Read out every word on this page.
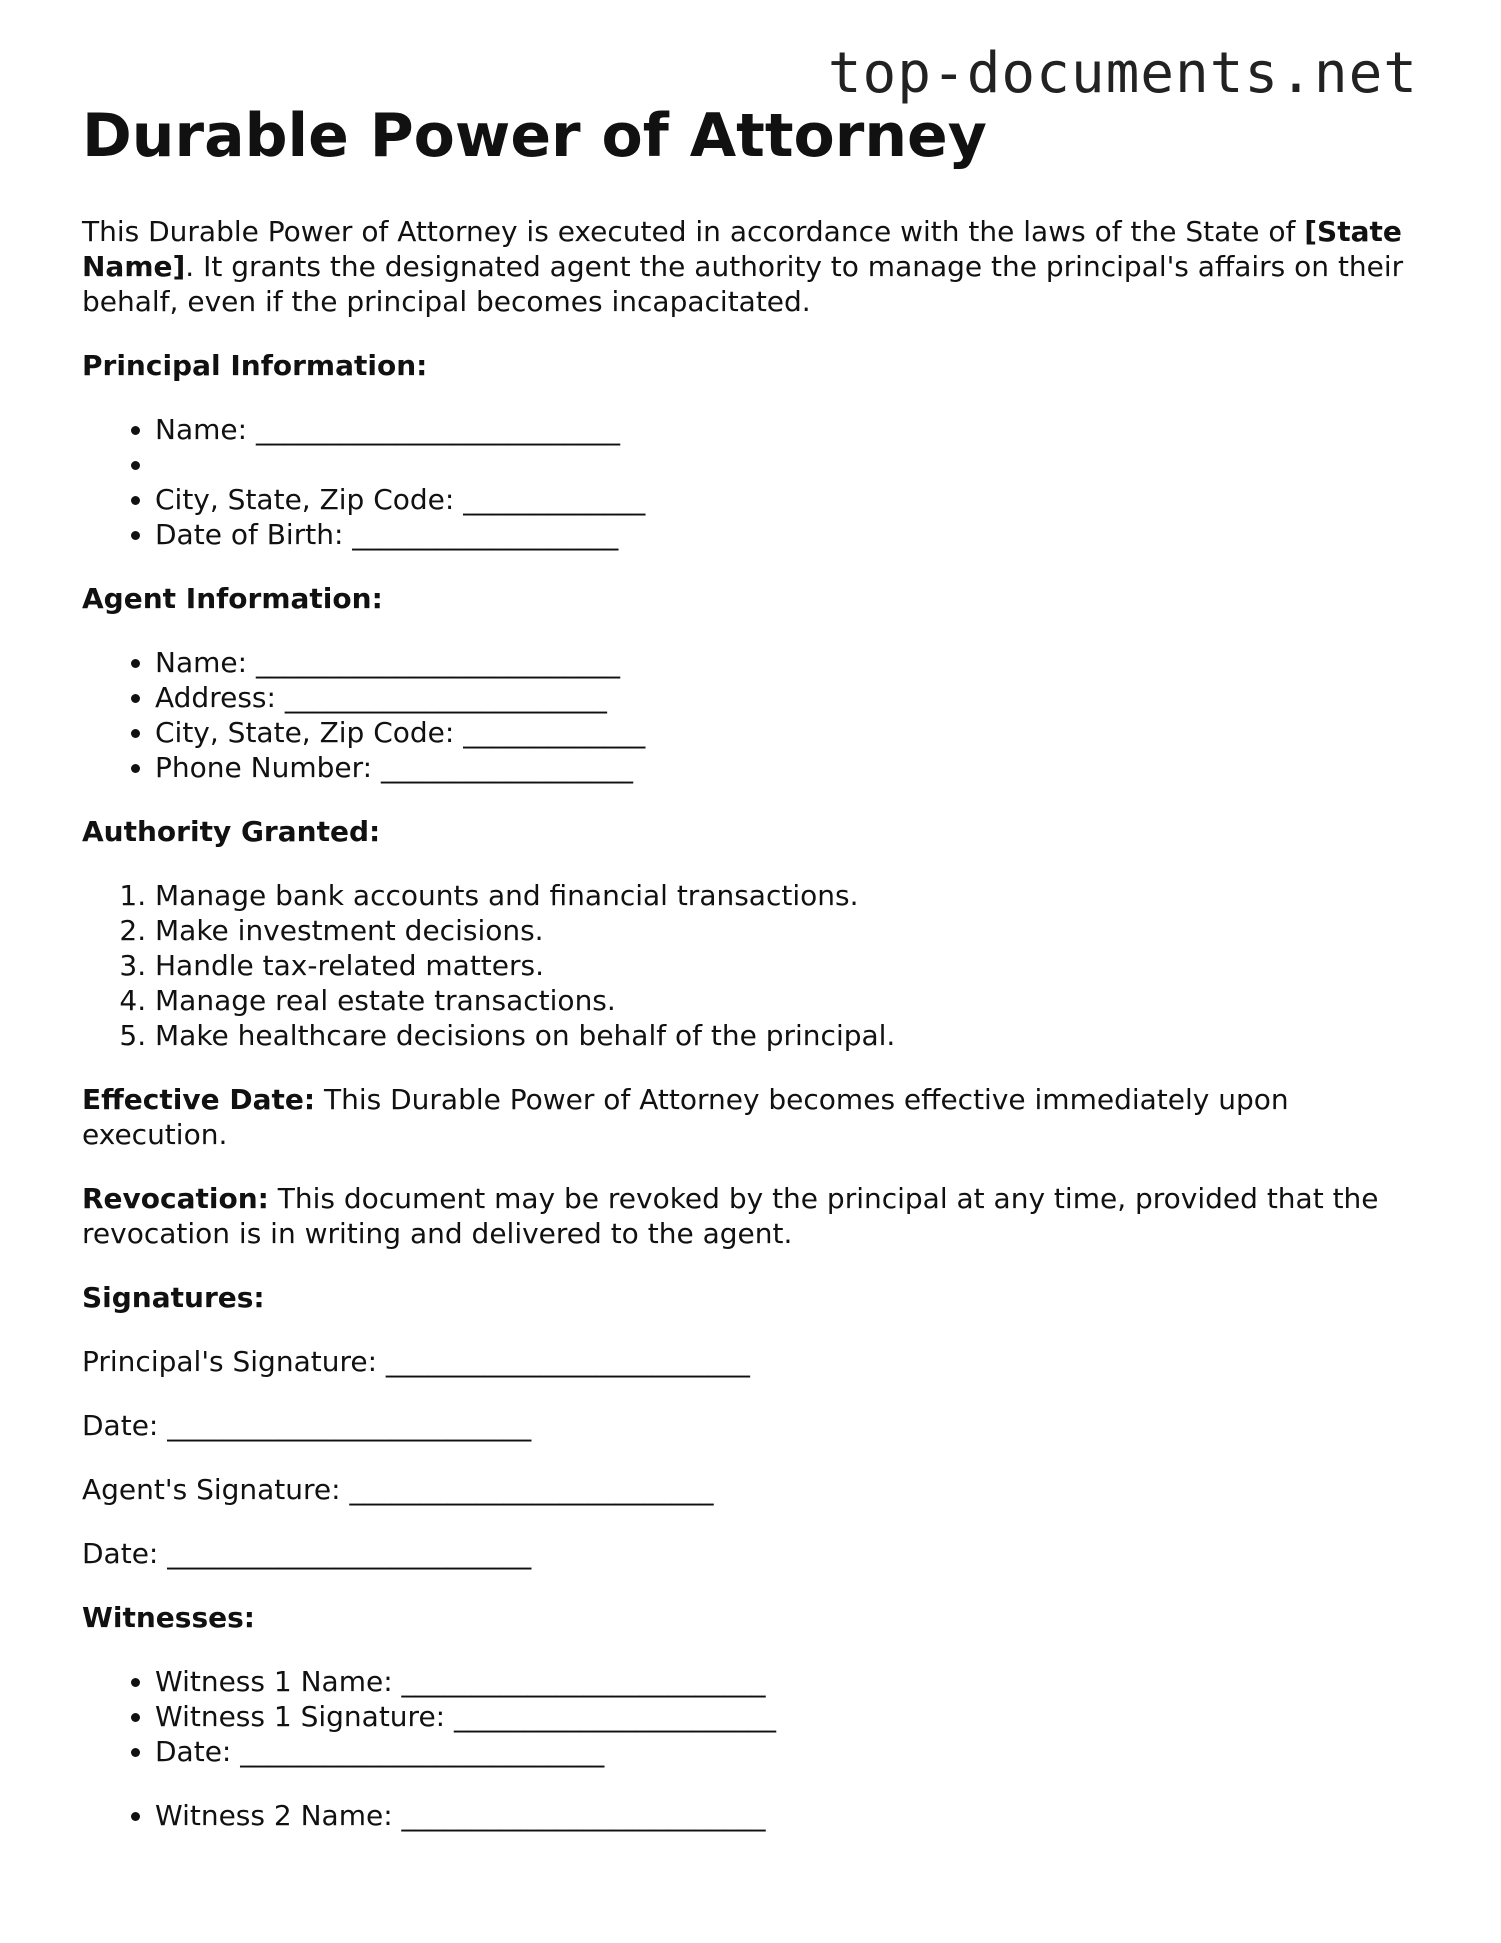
top-documents.net
Durable Power of Attorney

This Durable Power of Attorney is executed in accordance with the laws of the State of [State Name]. It grants the designated agent the authority to manage the principal's affairs on their behalf, even if the principal becomes incapacitated.

Principal Information:
• Name: __________________________
•
• City, State, Zip Code: _____________
• Date of Birth: ___________________
Agent Information:
• Name: __________________________
• Address: _______________________
• City, State, Zip Code: _____________
• Phone Number: __________________
Authority Granted:
1. Manage bank accounts and financial transactions.
2. Make investment decisions.
3. Handle tax-related matters.
4. Manage real estate transactions.
5. Make healthcare decisions on behalf of the principal.

Effective Date: This Durable Power of Attorney becomes effective immediately upon execution.

Revocation: This document may be revoked by the principal at any time, provided that the revocation is in writing and delivered to the agent.

Signatures:

Principal's Signature: __________________________

Date: __________________________

Agent's Signature: __________________________

Date: __________________________

Witnesses:
• Witness 1 Name: __________________________
• Witness 1 Signature: _______________________
• Date: __________________________
• Witness 2 Name: __________________________
